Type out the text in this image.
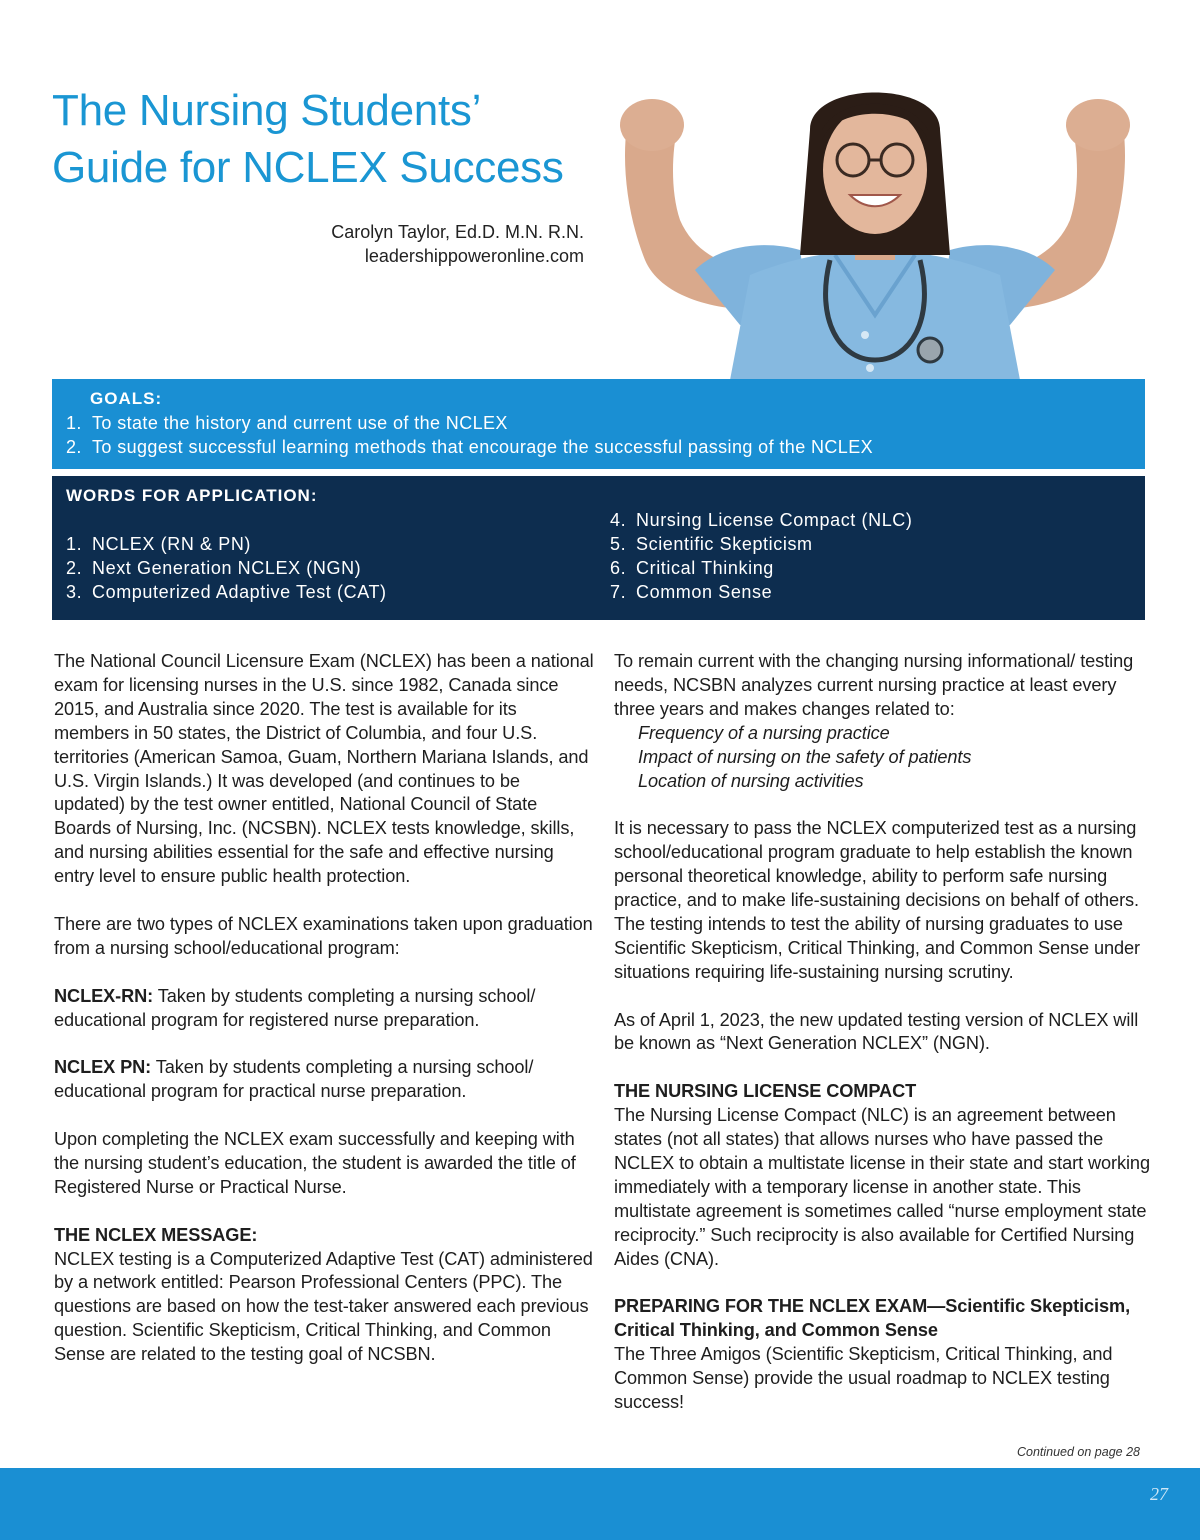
The Nursing Students’
Guide for NCLEX Success
Carolyn Taylor, Ed.D. M.N. R.N.
leadershippoweronline.com
GOALS:
1. To state the history and current use of the NCLEX
2. To suggest successful learning methods that encourage the successful passing of the NCLEX
WORDS FOR APPLICATION:
1. NCLEX (RN & PN)
2. Next Generation NCLEX (NGN)
3. Computerized Adaptive Test (CAT)
4. Nursing License Compact (NLC)
5. Scientific Skepticism
6. Critical Thinking
7. Common Sense

The National Council Licensure Exam (NCLEX) has been a national exam for licensing nurses in the U.S. since 1982, Canada since 2015, and Australia since 2020. The test is available for its members in 50 states, the District of Columbia, and four U.S. territories (American Samoa, Guam, Northern Mariana Islands, and U.S. Virgin Islands.) It was developed (and continues to be updated) by the test owner entitled, National Council of State Boards of Nursing, Inc. (NCSBN). NCLEX tests knowledge, skills, and nursing abilities essential for the safe and effective nursing entry level to ensure public health protection.

There are two types of NCLEX examinations taken upon graduation from a nursing school/educational program:

NCLEX-RN: Taken by students completing a nursing school/ educational program for registered nurse preparation.

NCLEX PN: Taken by students completing a nursing school/ educational program for practical nurse preparation.

Upon completing the NCLEX exam successfully and keeping with the nursing student’s education, the student is awarded the title of Registered Nurse or Practical Nurse.

THE NCLEX MESSAGE:

NCLEX testing is a Computerized Adaptive Test (CAT) administered by a network entitled: Pearson Professional Centers (PPC). The questions are based on how the test-taker answered each previous question. Scientific Skepticism, Critical Thinking, and Common Sense are related to the testing goal of NCSBN.

To remain current with the changing nursing informational/ testing needs, NCSBN analyzes current nursing practice at least every three years and makes changes related to:
Frequency of a nursing practice
Impact of nursing on the safety of patients

Location of nursing activities

It is necessary to pass the NCLEX computerized test as a nursing school/educational program graduate to help establish the known personal theoretical knowledge, ability to perform safe nursing practice, and to make life-sustaining decisions on behalf of others. The testing intends to test the ability of nursing graduates to use Scientific Skepticism, Critical Thinking, and Common Sense under situations requiring life-sustaining nursing scrutiny.

As of April 1, 2023, the new updated testing version of NCLEX will be known as “Next Generation NCLEX” (NGN).

THE NURSING LICENSE COMPACT

The Nursing License Compact (NLC) is an agreement between states (not all states) that allows nurses who have passed the NCLEX to obtain a multistate license in their state and start working immediately with a temporary license in another state. This multistate agreement is sometimes called “nurse employment state reciprocity.” Such reciprocity is also available for Certified Nursing Aides (CNA).

PREPARING FOR THE NCLEX EXAM—Scientific Skepticism, Critical Thinking, and Common Sense
The Three Amigos (Scientific Skepticism, Critical Thinking, and Common Sense) provide the usual roadmap to NCLEX testing success!
Continued on page 28
27
